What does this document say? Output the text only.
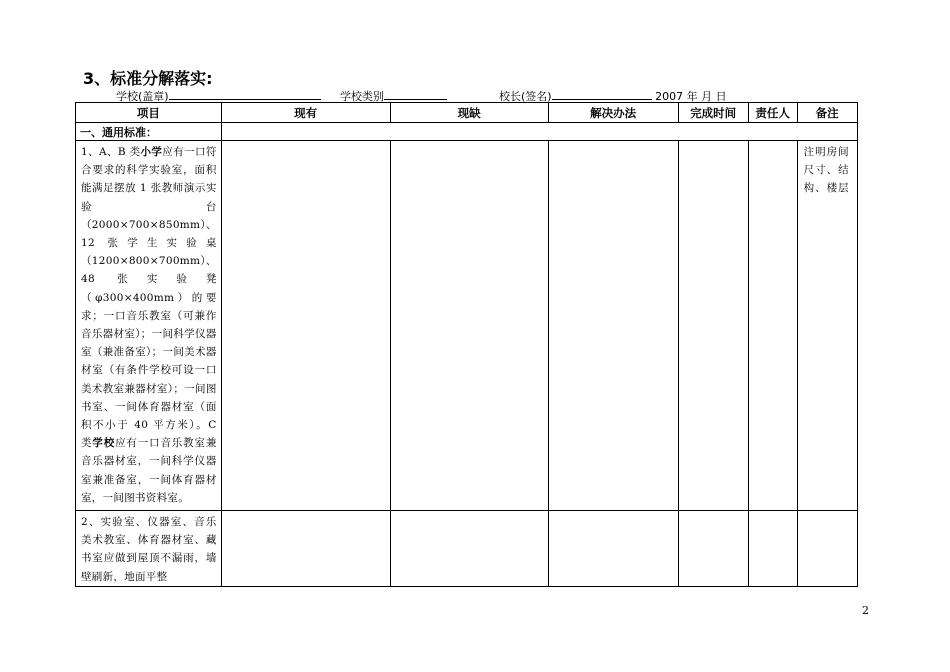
3、标准分解落实:
学校(盖章)	学校类别	校长(签名)	2007 年 月 日
项目	现有	现缺	解决办法	完成时间	责任人	备注
一、通用标准：						

1、A、B 类小学应有一口符合要求的科学实验室，面积能满足摆放 1 张教师演示实验台（2000×700×850mm）、12 张学生实验桌（1200×800×700mm）、48 张实验凳（φ300×400mm）的要求；一口音乐教室（可兼作音乐器材室）；一间科学仪器室（兼准备室）；一间美术器材室（有条件学校可设一口美术教室兼器材室）；一间图书室、一间体育器材室（面积不小于 40 平方米）。C 类学校应有一口音乐教室兼音乐器材室，一间科学仪器室兼准备室，一间体育器材室，一间图书资料室。						注明房间尺寸、结构、楼层

2、实验室、仪器室、音乐美术教室、体育器材室、藏书室应做到屋顶不漏雨，墙壁刷新，地面平整						

2
